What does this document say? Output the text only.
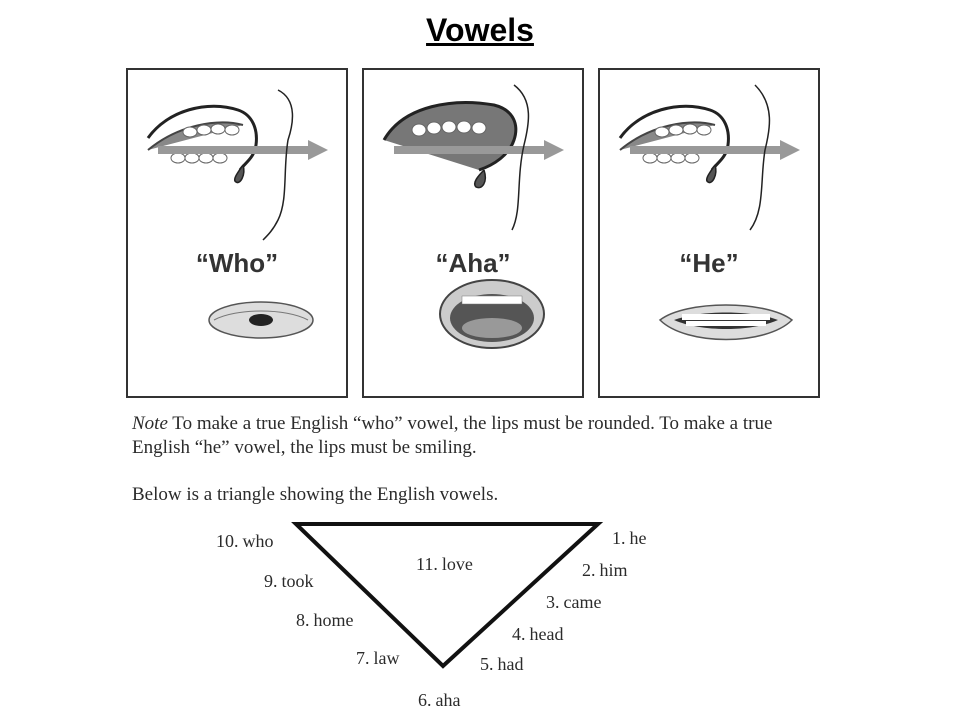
Vowels
“Who”	“Aha”	“He”
Note To make a true English “who” vowel, the lips must be rounded. To make a true English “he” vowel, the lips must be smiling.
Below is a triangle showing the English vowels.
1. he
2. him
3. came
4. head
5. had
6. aha
7. law
8. home
9. took
10. who
11. love
